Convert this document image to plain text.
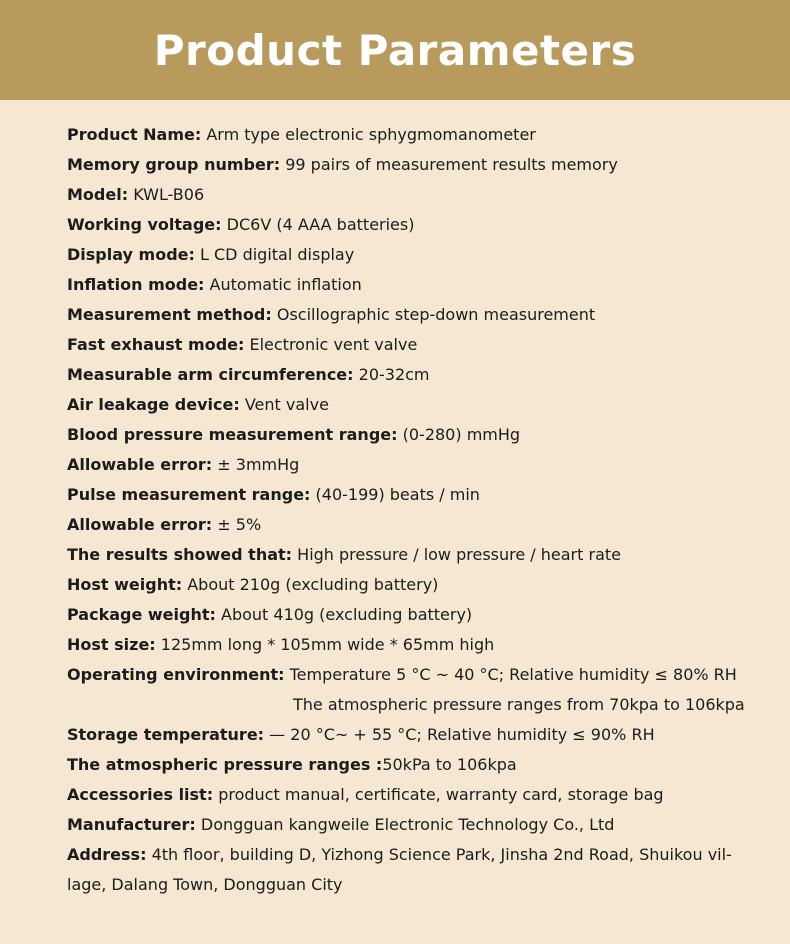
Product Parameters
Product Name: Arm type electronic sphygmomanometer
Memory group number: 99 pairs of measurement results memory
Model: KWL-B06
Working voltage: DC6V (4 AAA batteries)
Display mode: L CD digital display
Inflation mode: Automatic inflation
Measurement method: Oscillographic step-down measurement
Fast exhaust mode: Electronic vent valve
Measurable arm circumference: 20-32cm
Air leakage device: Vent valve
Blood pressure measurement range: (0-280) mmHg
Allowable error: ± 3mmHg
Pulse measurement range: (40-199) beats / min
Allowable error: ± 5%
The results showed that: High pressure / low pressure / heart rate
Host weight: About 210g (excluding battery)
Package weight: About 410g (excluding battery)
Host size: 125mm long * 105mm wide * 65mm high
Operating environment: Temperature 5 °C ~ 40 °C; Relative humidity ≤ 80% RH
The atmospheric pressure ranges from 70kpa to 106kpa
Storage temperature: — 20 °C~ + 55 °C; Relative humidity ≤ 90% RH
The atmospheric pressure ranges :50kPa to 106kpa
Accessories list: product manual, certificate, warranty card, storage bag
Manufacturer: Dongguan kangweile Electronic Technology Co., Ltd
Address: 4th floor, building D, Yizhong Science Park, Jinsha 2nd Road, Shuikou vil- lage, Dalang Town, Dongguan City
